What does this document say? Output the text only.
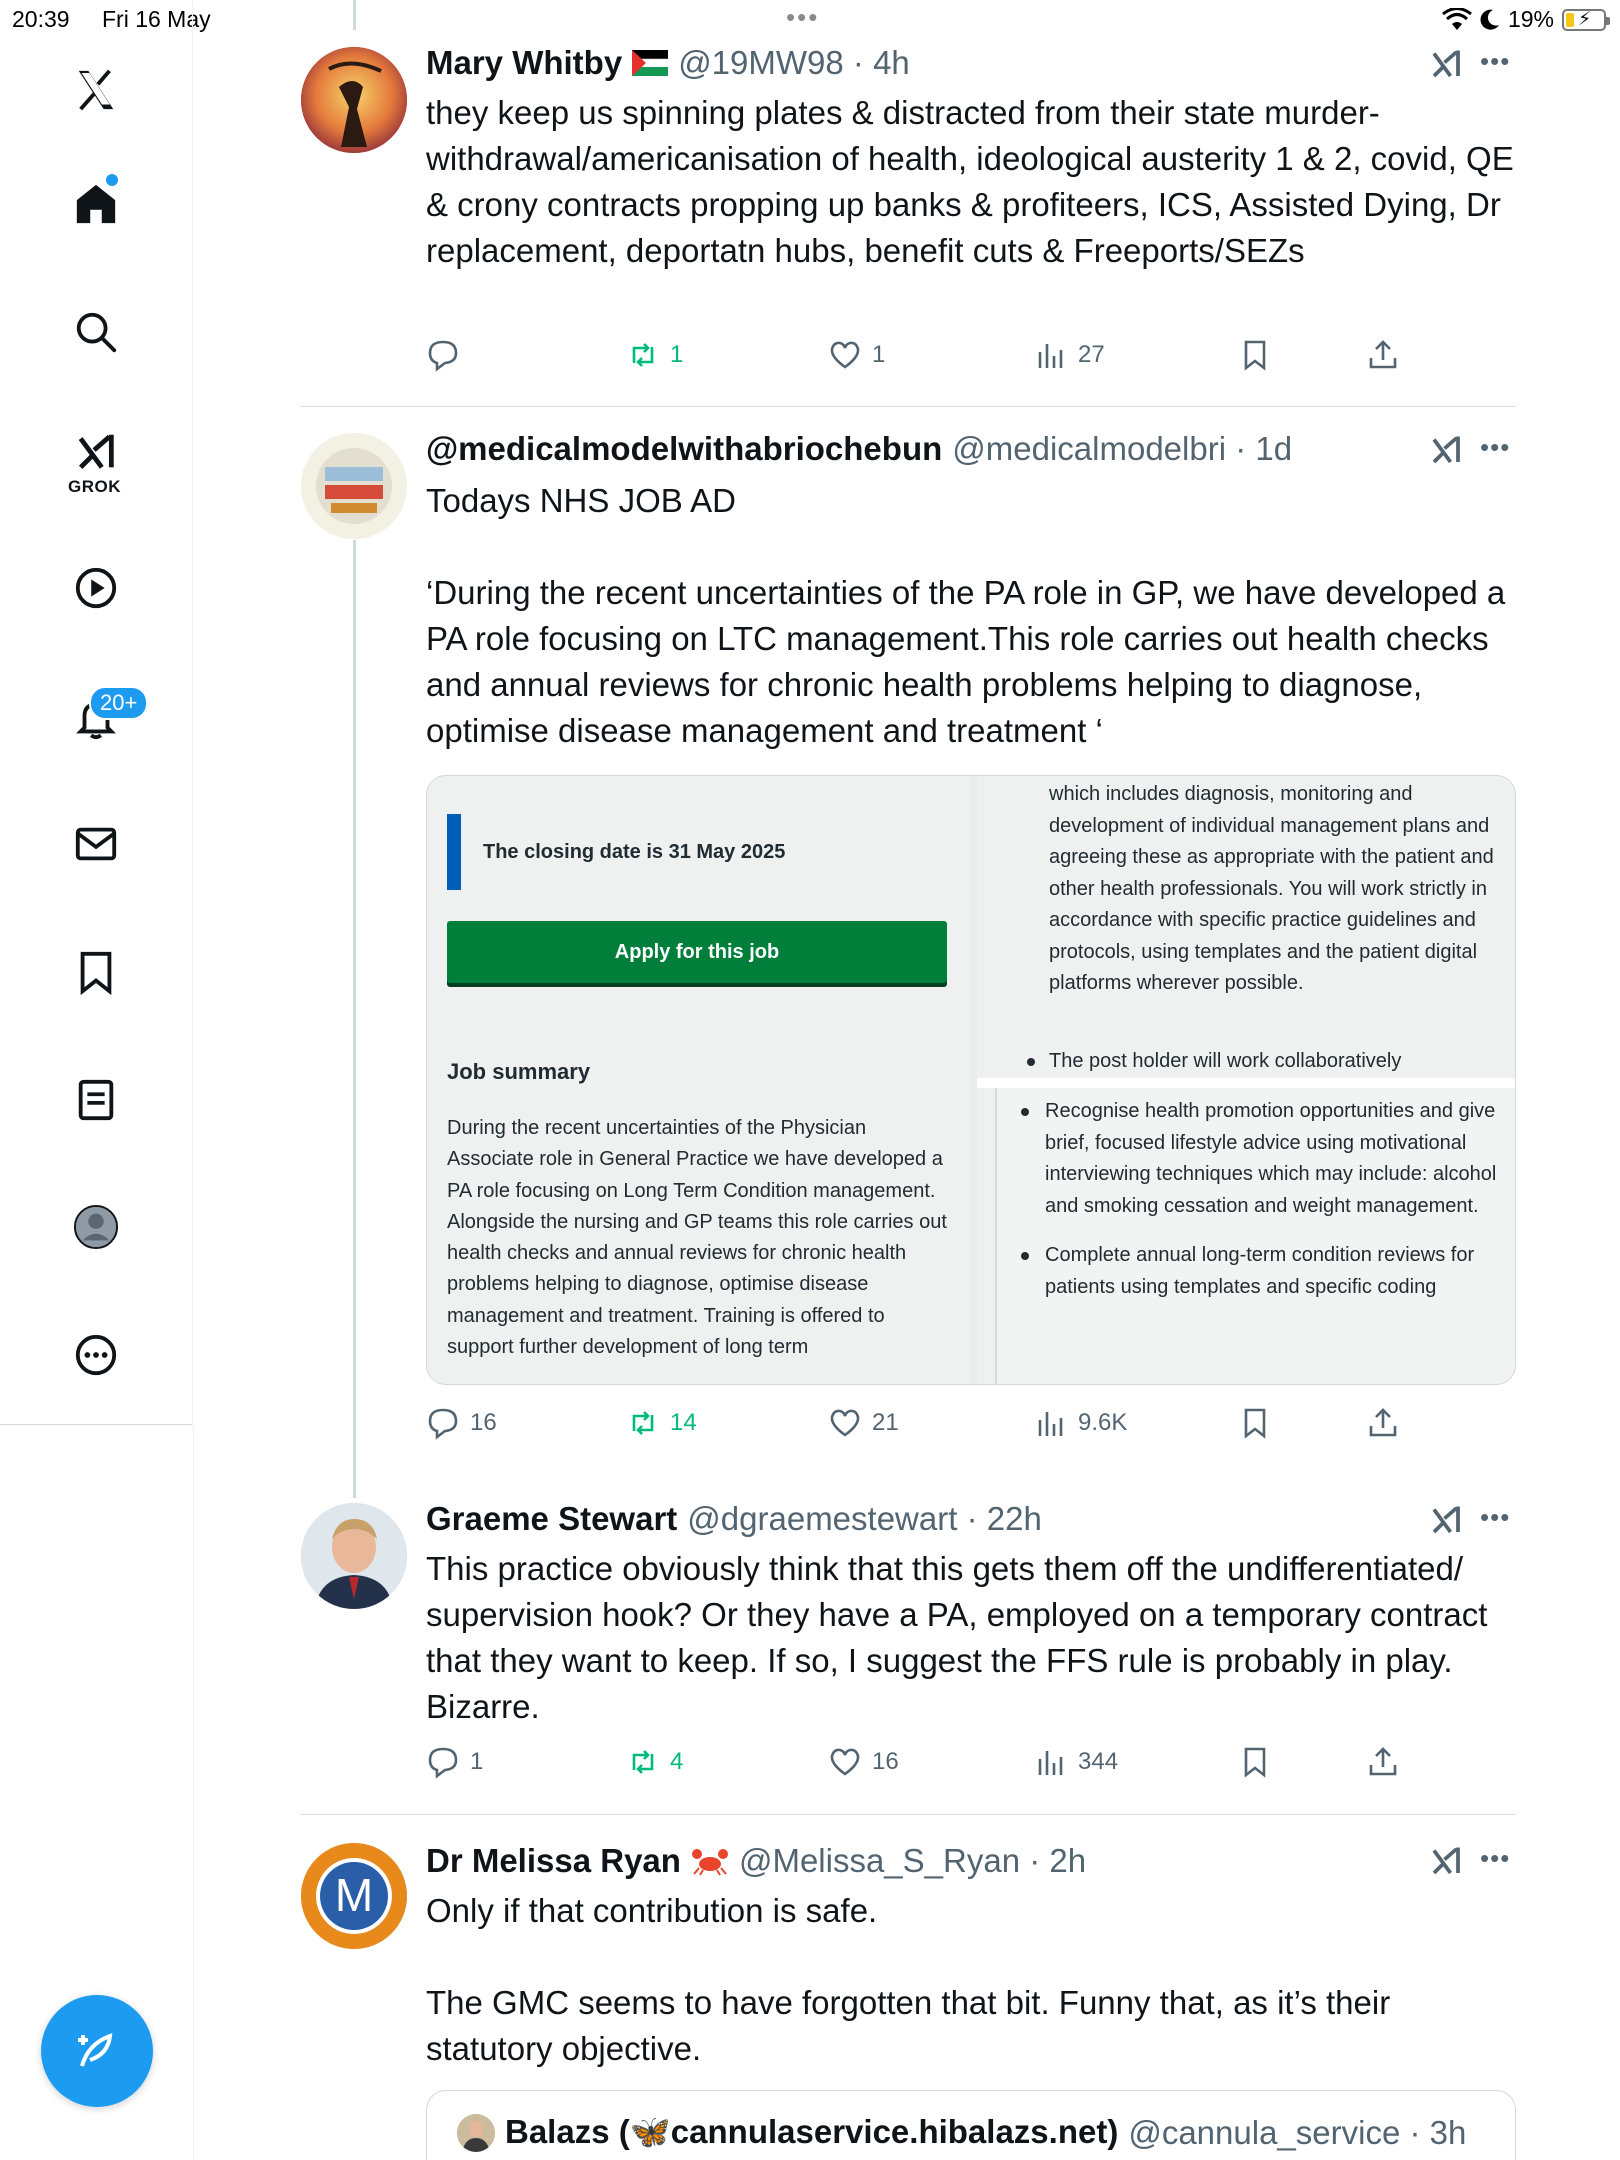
20:39 Fri 16 May	•••	19% ⚡
GROK
20+
Mary Whitby @19MW98 · 4h	•••
they keep us spinning plates & distracted from their state murder-withdrawal/americanisation of health, ideological austerity 1 & 2, covid, QE & crony contracts propping up banks & profiteers, ICS, Assisted Dying, Dr replacement, deportatn hubs, benefit cuts & Freeports/SEZs
1	1	27
@medicalmodelwithabriochebun @medicalmodelbri · 1d	•••
Todays NHS JOB AD

‘During the recent uncertainties of the PA role in GP, we have developed a PA role focusing on LTC management.This role carries out health checks and annual reviews for chronic health problems helping to diagnose, optimise disease management and treatment ‘
The closing date is 31 May 2025
Apply for this job
Job summary
During the recent uncertainties of the Physician Associate role in General Practice we have developed a PA role focusing on Long Term Condition management. Alongside the nursing and GP teams this role carries out health checks and annual reviews for chronic health problems helping to diagnose, optimise disease management and treatment. Training is offered to support further development of long term
which includes diagnosis, monitoring and development of individual management plans and agreeing these as appropriate with the patient and other health professionals. You will work strictly in accordance with specific practice guidelines and protocols, using templates and the patient digital platforms wherever possible.
The post holder will work collaboratively
Recognise health promotion opportunities and give brief, focused lifestyle advice using motivational interviewing techniques which may include: alcohol and smoking cessation and weight management.
Complete annual long-term condition reviews for patients using templates and specific coding
16	14	21	9.6K
Graeme Stewart @dgraemestewart · 22h	•••
This practice obviously think that this gets them off the undifferentiated/ supervision hook? Or they have a PA, employed on a temporary contract that they want to keep. If so, I suggest the FFS rule is probably in play. Bizarre.
1	4	16	344
M
Dr Melissa Ryan @Melissa_S_Ryan · 2h	•••
Only if that contribution is safe.

The GMC seems to have forgotten that bit. Funny that, as it’s their statutory objective.
Balazs (🦋cannulaservice.hibalazs.net) @cannula_service · 3h
